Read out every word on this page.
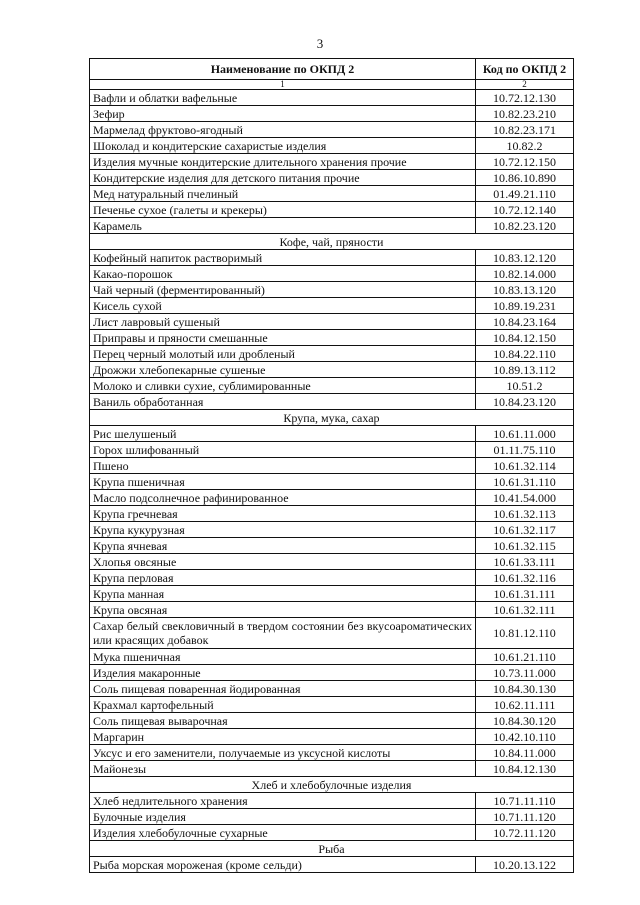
3
Наименование по ОКПД 2	Код по ОКПД 2
1	2
Вафли и облатки вафельные	10.72.12.130
Зефир	10.82.23.210
Мармелад фруктово-ягодный	10.82.23.171
Шоколад и кондитерские сахаристые изделия	10.82.2
Изделия мучные кондитерские длительного хранения прочие	10.72.12.150
Кондитерские изделия для детского питания прочие	10.86.10.890
Мед натуральный пчелиный	01.49.21.110
Печенье сухое (галеты и крекеры)	10.72.12.140
Карамель	10.82.23.120
Кофе, чай, пряности	
Кофейный напиток растворимый	10.83.12.120
Какао-порошок	10.82.14.000
Чай черный (ферментированный)	10.83.13.120
Кисель сухой	10.89.19.231
Лист лавровый сушеный	10.84.23.164
Приправы и пряности смешанные	10.84.12.150
Перец черный молотый или дробленый	10.84.22.110
Дрожжи хлебопекарные сушеные	10.89.13.112
Молоко и сливки сухие, сублимированные	10.51.2
Ваниль обработанная	10.84.23.120
Крупа, мука, сахар	
Рис шелушеный	10.61.11.000
Горох шлифованный	01.11.75.110
Пшено	10.61.32.114
Крупа пшеничная	10.61.31.110
Масло подсолнечное рафинированное	10.41.54.000
Крупа гречневая	10.61.32.113
Крупа кукурузная	10.61.32.117
Крупа ячневая	10.61.32.115
Хлопья овсяные	10.61.33.111
Крупа перловая	10.61.32.116
Крупа манная	10.61.31.111
Крупа овсяная	10.61.32.111
Сахар белый свекловичный в твердом состоянии без вкусоароматических или красящих добавок	10.81.12.110
Мука пшеничная	10.61.21.110
Изделия макаронные	10.73.11.000
Соль пищевая поваренная йодированная	10.84.30.130
Крахмал картофельный	10.62.11.111
Соль пищевая выварочная	10.84.30.120
Маргарин	10.42.10.110
Уксус и его заменители, получаемые из уксусной кислоты	10.84.11.000
Майонезы	10.84.12.130
Хлеб и хлебобулочные изделия	
Хлеб недлительного хранения	10.71.11.110
Булочные изделия	10.71.11.120
Изделия хлебобулочные сухарные	10.72.11.120
Рыба	
Рыба морская мороженая (кроме сельди)	10.20.13.122
